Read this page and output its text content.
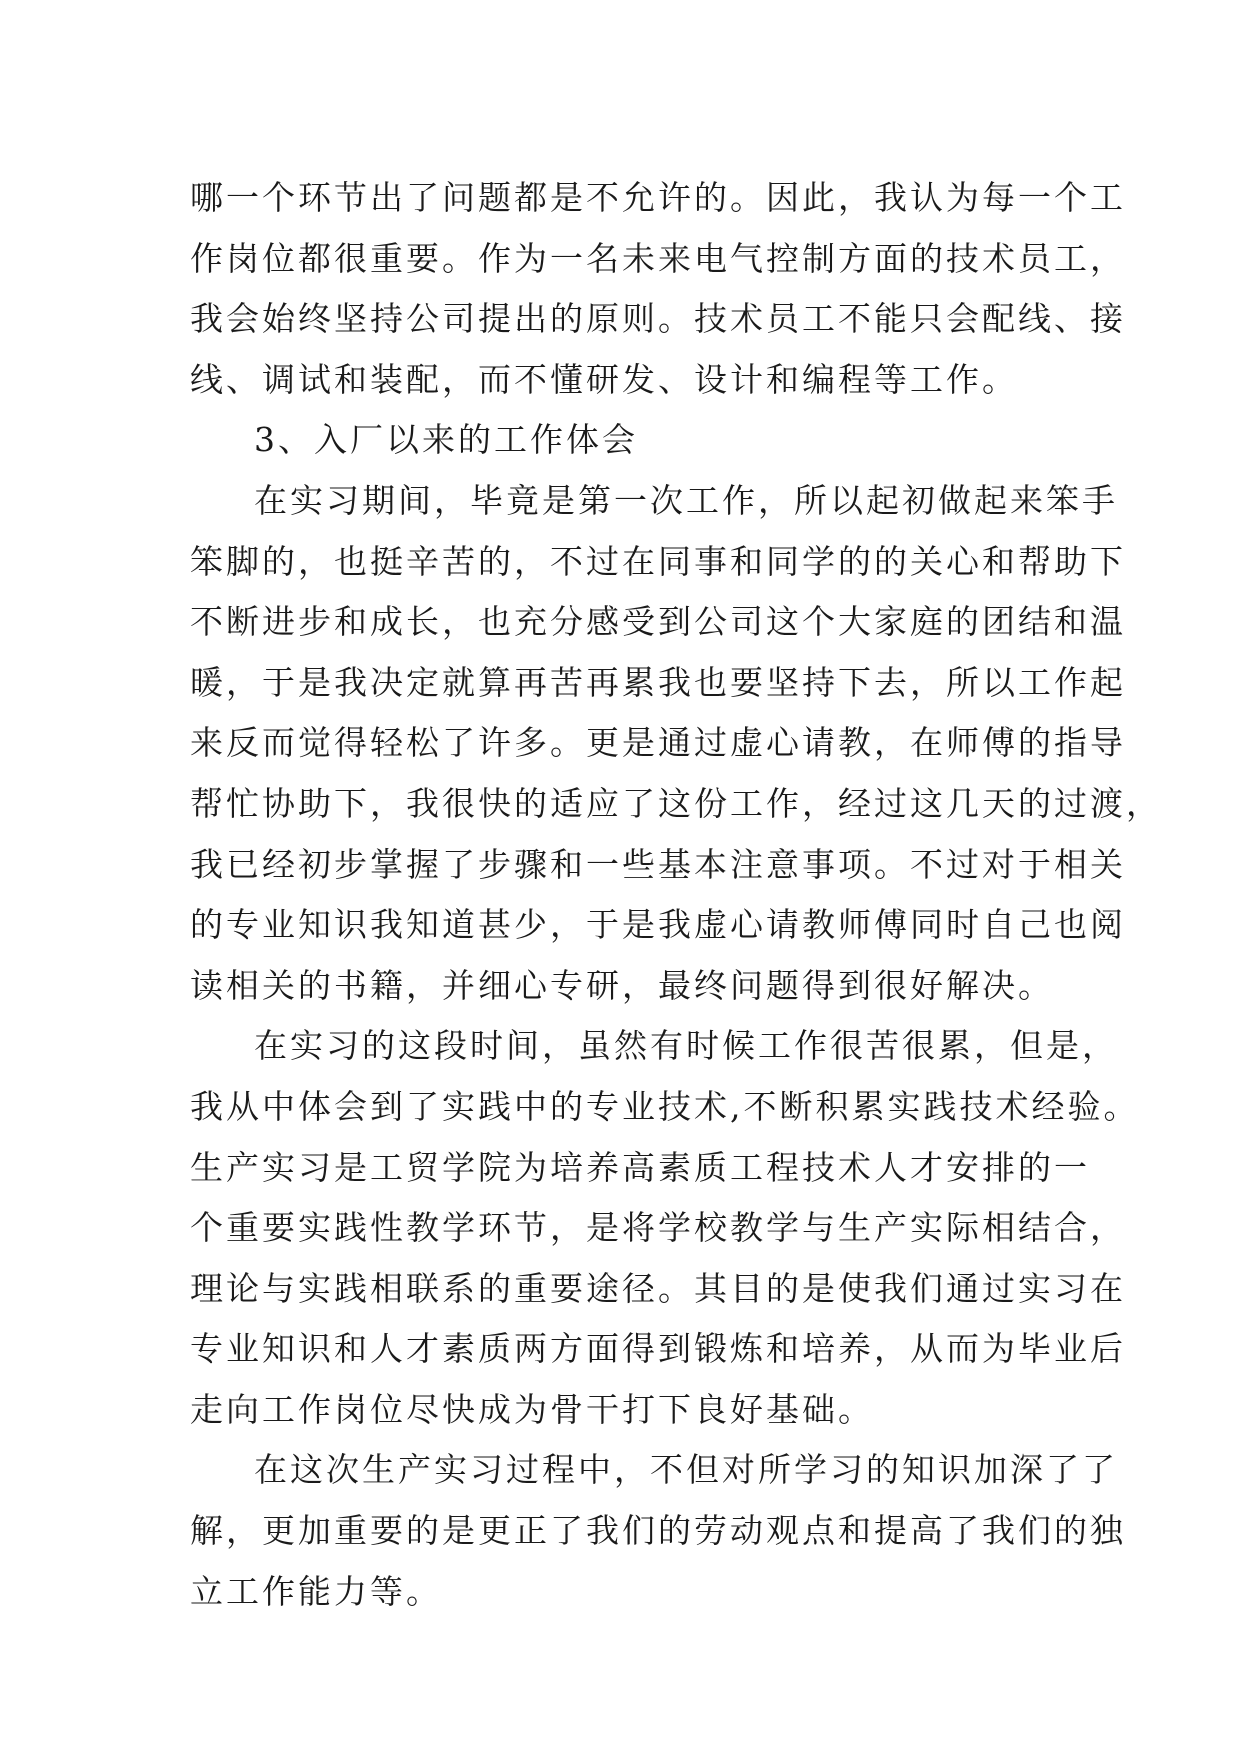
哪一个环节出了问题都是不允许的。因此，我认为每一个工
作岗位都很重要。作为一名未来电气控制方面的技术员工，
我会始终坚持公司提出的原则。技术员工不能只会配线、接
线、调试和装配，而不懂研发、设计和编程等工作。
3、入厂以来的工作体会
在实习期间，毕竟是第一次工作，所以起初做起来笨手
笨脚的，也挺辛苦的，不过在同事和同学的的关心和帮助下
不断进步和成长，也充分感受到公司这个大家庭的团结和温
暖，于是我决定就算再苦再累我也要坚持下去，所以工作起
来反而觉得轻松了许多。更是通过虚心请教，在师傅的指导
帮忙协助下，我很快的适应了这份工作，经过这几天的过渡，
我已经初步掌握了步骤和一些基本注意事项。不过对于相关
的专业知识我知道甚少，于是我虚心请教师傅同时自己也阅
读相关的书籍，并细心专研，最终问题得到很好解决。
在实习的这段时间，虽然有时候工作很苦很累，但是，
我从中体会到了实践中的专业技术,不断积累实践技术经验。
生产实习是工贸学院为培养高素质工程技术人才安排的一
个重要实践性教学环节，是将学校教学与生产实际相结合，
理论与实践相联系的重要途径。其目的是使我们通过实习在
专业知识和人才素质两方面得到锻炼和培养，从而为毕业后
走向工作岗位尽快成为骨干打下良好基础。
在这次生产实习过程中，不但对所学习的知识加深了了
解，更加重要的是更正了我们的劳动观点和提高了我们的独
立工作能力等。
